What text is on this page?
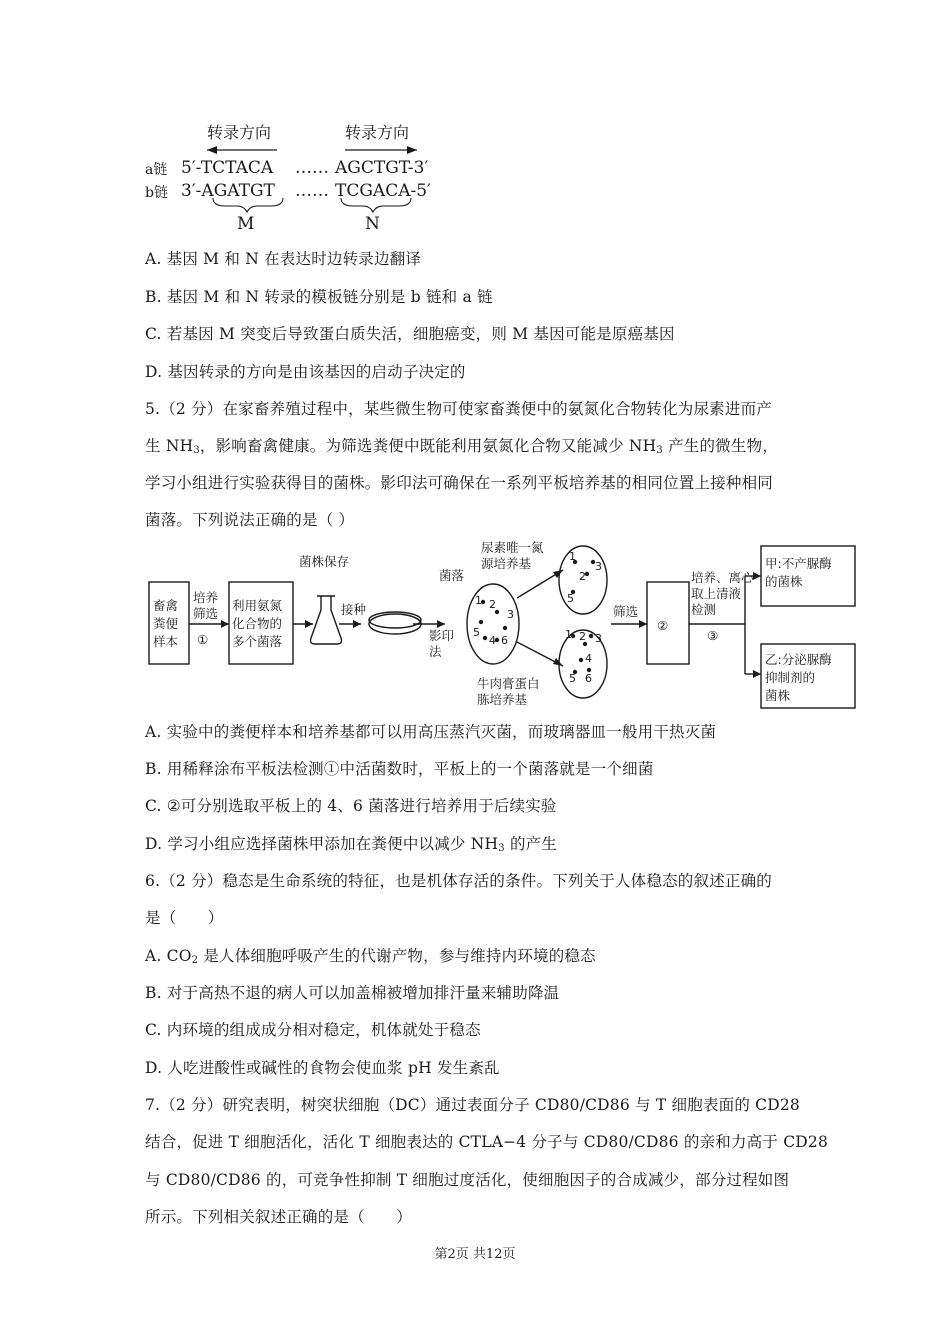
转录方向	转录方向
a链 5′-TCTACA …… AGCTGT-3′
b链 3′-AGATGT …… TCGACA-5′
M	N
A. 基因 M 和 N 在表达时边转录边翻译
B. 基因 M 和 N 转录的模板链分别是 b 链和 a 链
C. 若基因 M 突变后导致蛋白质失活，细胞癌变，则 M 基因可能是原癌基因
D. 基因转录的方向是由该基因的启动子决定的
5.（2 分）在家畜养殖过程中，某些微生物可使家畜粪便中的氨氮化合物转化为尿素进而产
生 $NH_3$，影响畜禽健康。为筛选粪便中既能利用氨氮化合物又能减少 $NH_3$ 产生的微生物，
学习小组进行实验获得目的菌株。影印法可确保在一系列平板培养基的相同位置上接种相同
菌落。下列说法正确的是（ ）
畜禽
粪便
样本
培养
筛选
①
利用氨氮
化合物的
多个菌落
菌株保存
接种
菌落
影印
法
尿素唯一氮
源培养基
牛肉膏蛋白
胨培养基
筛选
②
培养、离心
取上清液
检测
③
甲:不产脲酶
的菌株
乙:分泌脲酶
抑制剂的
菌株
1 2
3
5
4 6
1
2
3
5
1 2 3
4
5 6
A. 实验中的粪便样本和培养基都可以用高压蒸汽灭菌，而玻璃器皿一般用干热灭菌
B. 用稀释涂布平板法检测①中活菌数时，平板上的一个菌落就是一个细菌
C. ②可分别选取平板上的 4、6 菌落进行培养用于后续实验
D. 学习小组应选择菌株甲添加在粪便中以减少 $NH_3$ 的产生
6.（2 分）稳态是生命系统的特征，也是机体存活的条件。下列关于人体稳态的叙述正确的
是（　　）
A. $CO_2$ 是人体细胞呼吸产生的代谢产物，参与维持内环境的稳态
B. 对于高热不退的病人可以加盖棉被增加排汗量来辅助降温
C. 内环境的组成成分相对稳定，机体就处于稳态
D. 人吃进酸性或碱性的食物会使血浆 pH 发生紊乱
7.（2 分）研究表明，树突状细胞（DC）通过表面分子 CD80/CD86 与 T 细胞表面的 CD28
结合，促进 T 细胞活化，活化 T 细胞表达的 CTLA−4 分子与 CD80/CD86 的亲和力高于 CD28
与 CD80/CD86 的，可竞争性抑制 T 细胞过度活化，使细胞因子的合成减少，部分过程如图
所示。下列相关叙述正确的是（　　）
第2页 共12页
